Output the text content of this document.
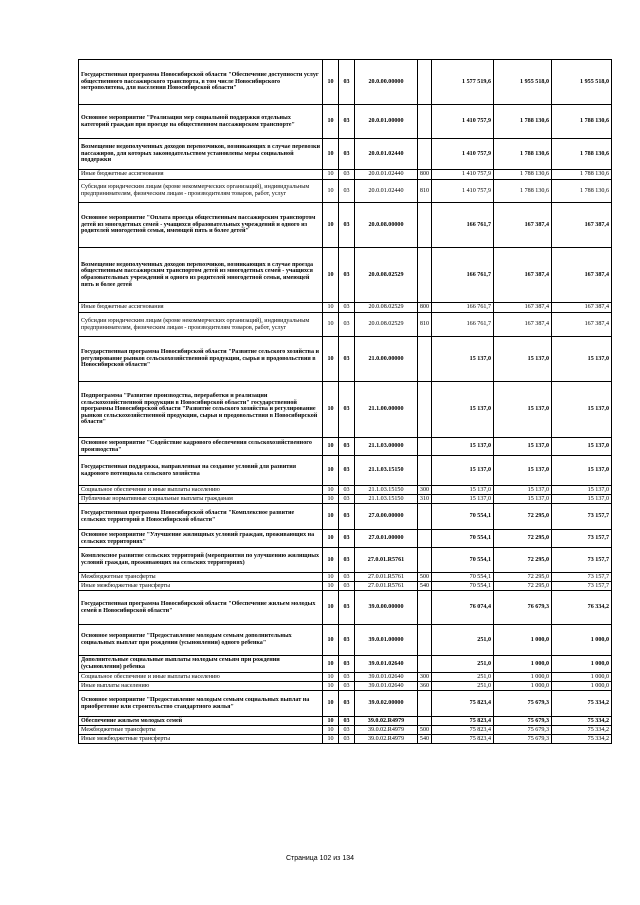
Государственная программа Новосибирской области "Обеспечение доступности услуг общественного пассажирского транспорта, в том числе Новосибирского метрополитена, для населения Новосибирской области"	10	03	20.0.00.00000		1 577 519,6	1 955 518,0	1 955 518,0
Основное мероприятие "Реализация мер социальной поддержки отдельных категорий граждан при проезде на общественном пассажирском транспорте"	10	03	20.0.01.00000		1 410 757,9	1 788 130,6	1 788 130,6
Возмещение недополученных доходов перевозчиков, возникающих в случае перевозки пассажиров, для которых законодательством установлены меры социальной поддержки	10	03	20.0.01.02440		1 410 757,9	1 788 130,6	1 788 130,6
Иные бюджетные ассигнования	10	03	20.0.01.02440	800	1 410 757,9	1 788 130,6	1 788 130,6
Субсидии юридическим лицам (кроме некоммерческих организаций), индивидуальным предпринимателям, физическим лицам - производителям товаров, работ, услуг	10	03	20.0.01.02440	810	1 410 757,9	1 788 130,6	1 788 130,6
Основное мероприятие "Оплата проезда общественным пассажирским транспортом детей из многодетных семей - учащихся образовательных учреждений и одного из родителей многодетной семьи, имеющей пять и более детей"	10	03	20.0.08.00000		166 761,7	167 387,4	167 387,4
Возмещение недополученных доходов перевозчиков, возникающих в случае проезда общественным пассажирским транспортом детей из многодетных семей - учащихся образовательных учреждений и одного из родителей многодетной семьи, имеющей пять и более детей	10	03	20.0.08.02529		166 761,7	167 387,4	167 387,4
Иные бюджетные ассигнования	10	03	20.0.08.02529	800	166 761,7	167 387,4	167 387,4
Субсидии юридическим лицам (кроме некоммерческих организаций), индивидуальным предпринимателям, физическим лицам - производителям товаров, работ, услуг	10	03	20.0.08.02529	810	166 761,7	167 387,4	167 387,4
Государственная программа Новосибирской области "Развитие сельского хозяйства и регулирование рынков сельскохозяйственной продукции, сырья и продовольствия в Новосибирской области"	10	03	21.0.00.00000		15 137,0	15 137,0	15 137,0
Подпрограмма "Развитие производства, переработки и реализации сельскохозяйственной продукции в Новосибирской области" государственной программы Новосибирской области "Развитие сельского хозяйства и регулирование рынков сельскохозяйственной продукции, сырья и продовольствия в Новосибирской области"	10	03	21.1.00.00000		15 137,0	15 137,0	15 137,0
Основное мероприятие "Содействие кадрового обеспечения сельскохозяйственного производства"	10	03	21.1.03.00000		15 137,0	15 137,0	15 137,0
Государственная поддержка, направленная на создание условий для развития кадрового потенциала сельского хозяйства	10	03	21.1.03.15150		15 137,0	15 137,0	15 137,0
Социальное обеспечение и иные выплаты населению	10	03	21.1.03.15150	300	15 137,0	15 137,0	15 137,0
Публичные нормативные социальные выплаты гражданам	10	03	21.1.03.15150	310	15 137,0	15 137,0	15 137,0
Государственная программа Новосибирской области "Комплексное развитие сельских территорий в Новосибирской области"	10	03	27.0.00.00000		70 554,1	72 295,0	73 157,7
Основное мероприятие "Улучшение жилищных условий граждан, проживающих на сельских территориях"	10	03	27.0.01.00000		70 554,1	72 295,0	73 157,7
Комплексное развитие сельских территорий (мероприятия по улучшению жилищных условий граждан, проживающих на сельских территориях)	10	03	27.0.01.R5761		70 554,1	72 295,0	73 157,7
Межбюджетные трансферты	10	03	27.0.01.R5761	500	70 554,1	72 295,0	73 157,7
Иные межбюджетные трансферты	10	03	27.0.01.R5761	540	70 554,1	72 295,0	73 157,7
Государственная программа Новосибирской области "Обеспечение жильем молодых семей в Новосибирской области"	10	03	39.0.00.00000		76 074,4	76 679,3	76 334,2
Основное мероприятие "Предоставление молодым семьям дополнительных социальных выплат при рождении (усыновлении) одного ребенка"	10	03	39.0.01.00000		251,0	1 000,0	1 000,0
Дополнительные социальные выплаты молодым семьям при рождении (усыновлении) ребенка	10	03	39.0.01.02640		251,0	1 000,0	1 000,0
Социальное обеспечение и иные выплаты населению	10	03	39.0.01.02640	300	251,0	1 000,0	1 000,0
Иные выплаты населению	10	03	39.0.01.02640	360	251,0	1 000,0	1 000,0
Основное мероприятие "Предоставление молодым семьям социальных выплат на приобретение или строительство стандартного жилья"	10	03	39.0.02.00000		75 823,4	75 679,3	75 334,2
Обеспечение жильем молодых семей	10	03	39.0.02.R4979		75 823,4	75 679,3	75 334,2
Межбюджетные трансферты	10	03	39.0.02.R4979	500	75 823,4	75 679,3	75 334,2
Иные межбюджетные трансферты	10	03	39.0.02.R4979	540	75 823,4	75 679,3	75 334,2
Страница 102 из 134
